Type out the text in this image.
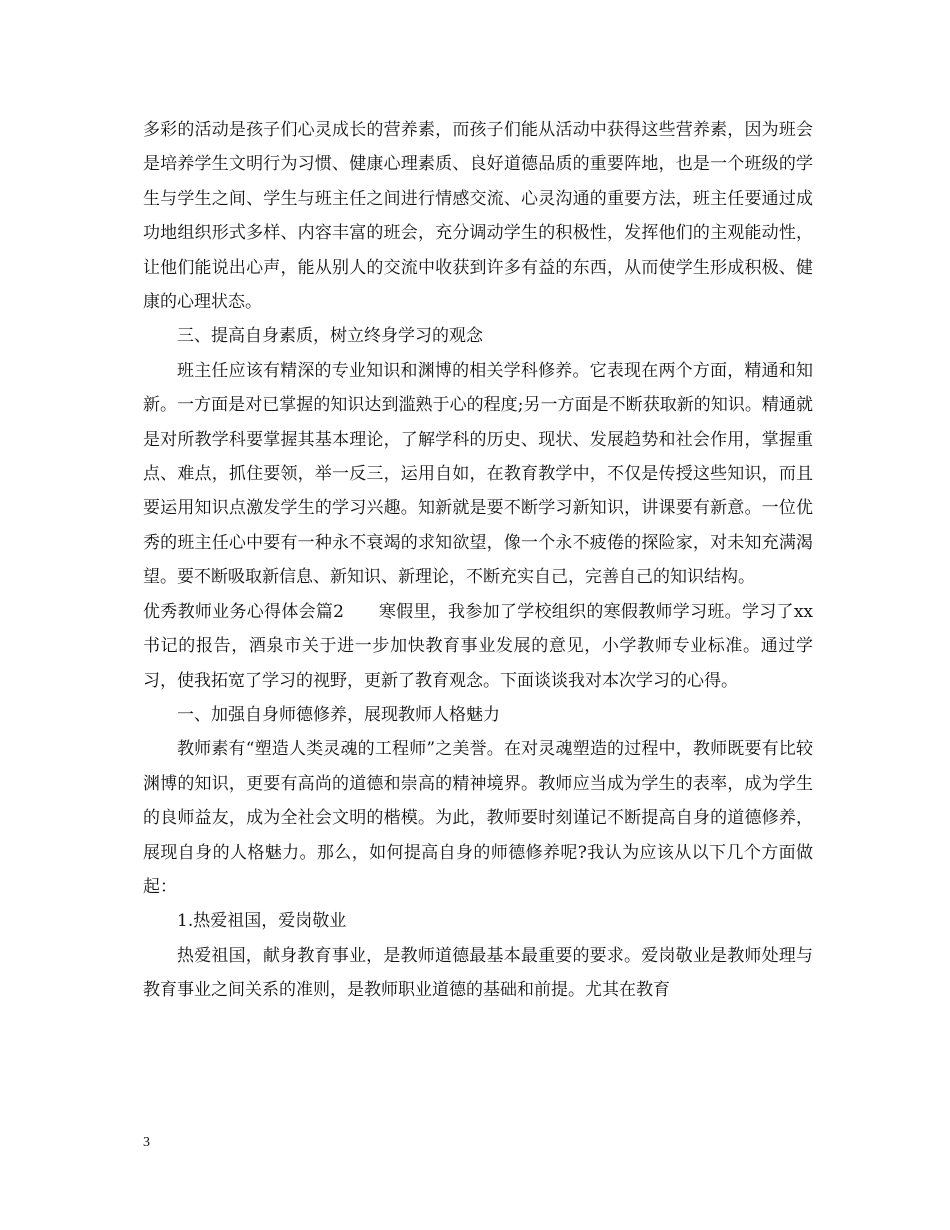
多彩的活动是孩子们心灵成长的营养素，而孩子们能从活动中获得这些营养素，因为班会是培养学生文明行为习惯、健康心理素质、良好道德品质的重要阵地，也是一个班级的学生与学生之间、学生与班主任之间进行情感交流、心灵沟通的重要方法，班主任要通过成功地组织形式多样、内容丰富的班会，充分调动学生的积极性，发挥他们的主观能动性，让他们能说出心声，能从别人的交流中收获到许多有益的东西，从而使学生形成积极、健康的心理状态。

三、提高自身素质，树立终身学习的观念

班主任应该有精深的专业知识和渊博的相关学科修养。它表现在两个方面，精通和知新。一方面是对已掌握的知识达到滥熟于心的程度;另一方面是不断获取新的知识。精通就是对所教学科要掌握其基本理论，了解学科的历史、现状、发展趋势和社会作用，掌握重点、难点，抓住要领，举一反三，运用自如，在教育教学中，不仅是传授这些知识，而且要运用知识点激发学生的学习兴趣。知新就是要不断学习新知识，讲课要有新意。一位优秀的班主任心中要有一种永不衰竭的求知欲望，像一个永不疲倦的探险家，对未知充满渴望。要不断吸取新信息、新知识、新理论，不断充实自己，完善自己的知识结构。

优秀教师业务心得体会篇2　　寒假里，我参加了学校组织的寒假教师学习班。学习了xx书记的报告，酒泉市关于进一步加快教育事业发展的意见，小学教师专业标准。通过学习，使我拓宽了学习的视野，更新了教育观念。下面谈谈我对本次学习的心得。

一、加强自身师德修养，展现教师人格魅力

教师素有“塑造人类灵魂的工程师”之美誉。在对灵魂塑造的过程中，教师既要有比较渊博的知识，更要有高尚的道德和崇高的精神境界。教师应当成为学生的表率，成为学生的良师益友，成为全社会文明的楷模。为此，教师要时刻谨记不断提高自身的道德修养，展现自身的人格魅力。那么，如何提高自身的师德修养呢?我认为应该从以下几个方面做起：

1.热爱祖国，爱岗敬业

热爱祖国，献身教育事业，是教师道德最基本最重要的要求。爱岗敬业是教师处理与教育事业之间关系的准则，是教师职业道德的基础和前提。尤其在教育

3
